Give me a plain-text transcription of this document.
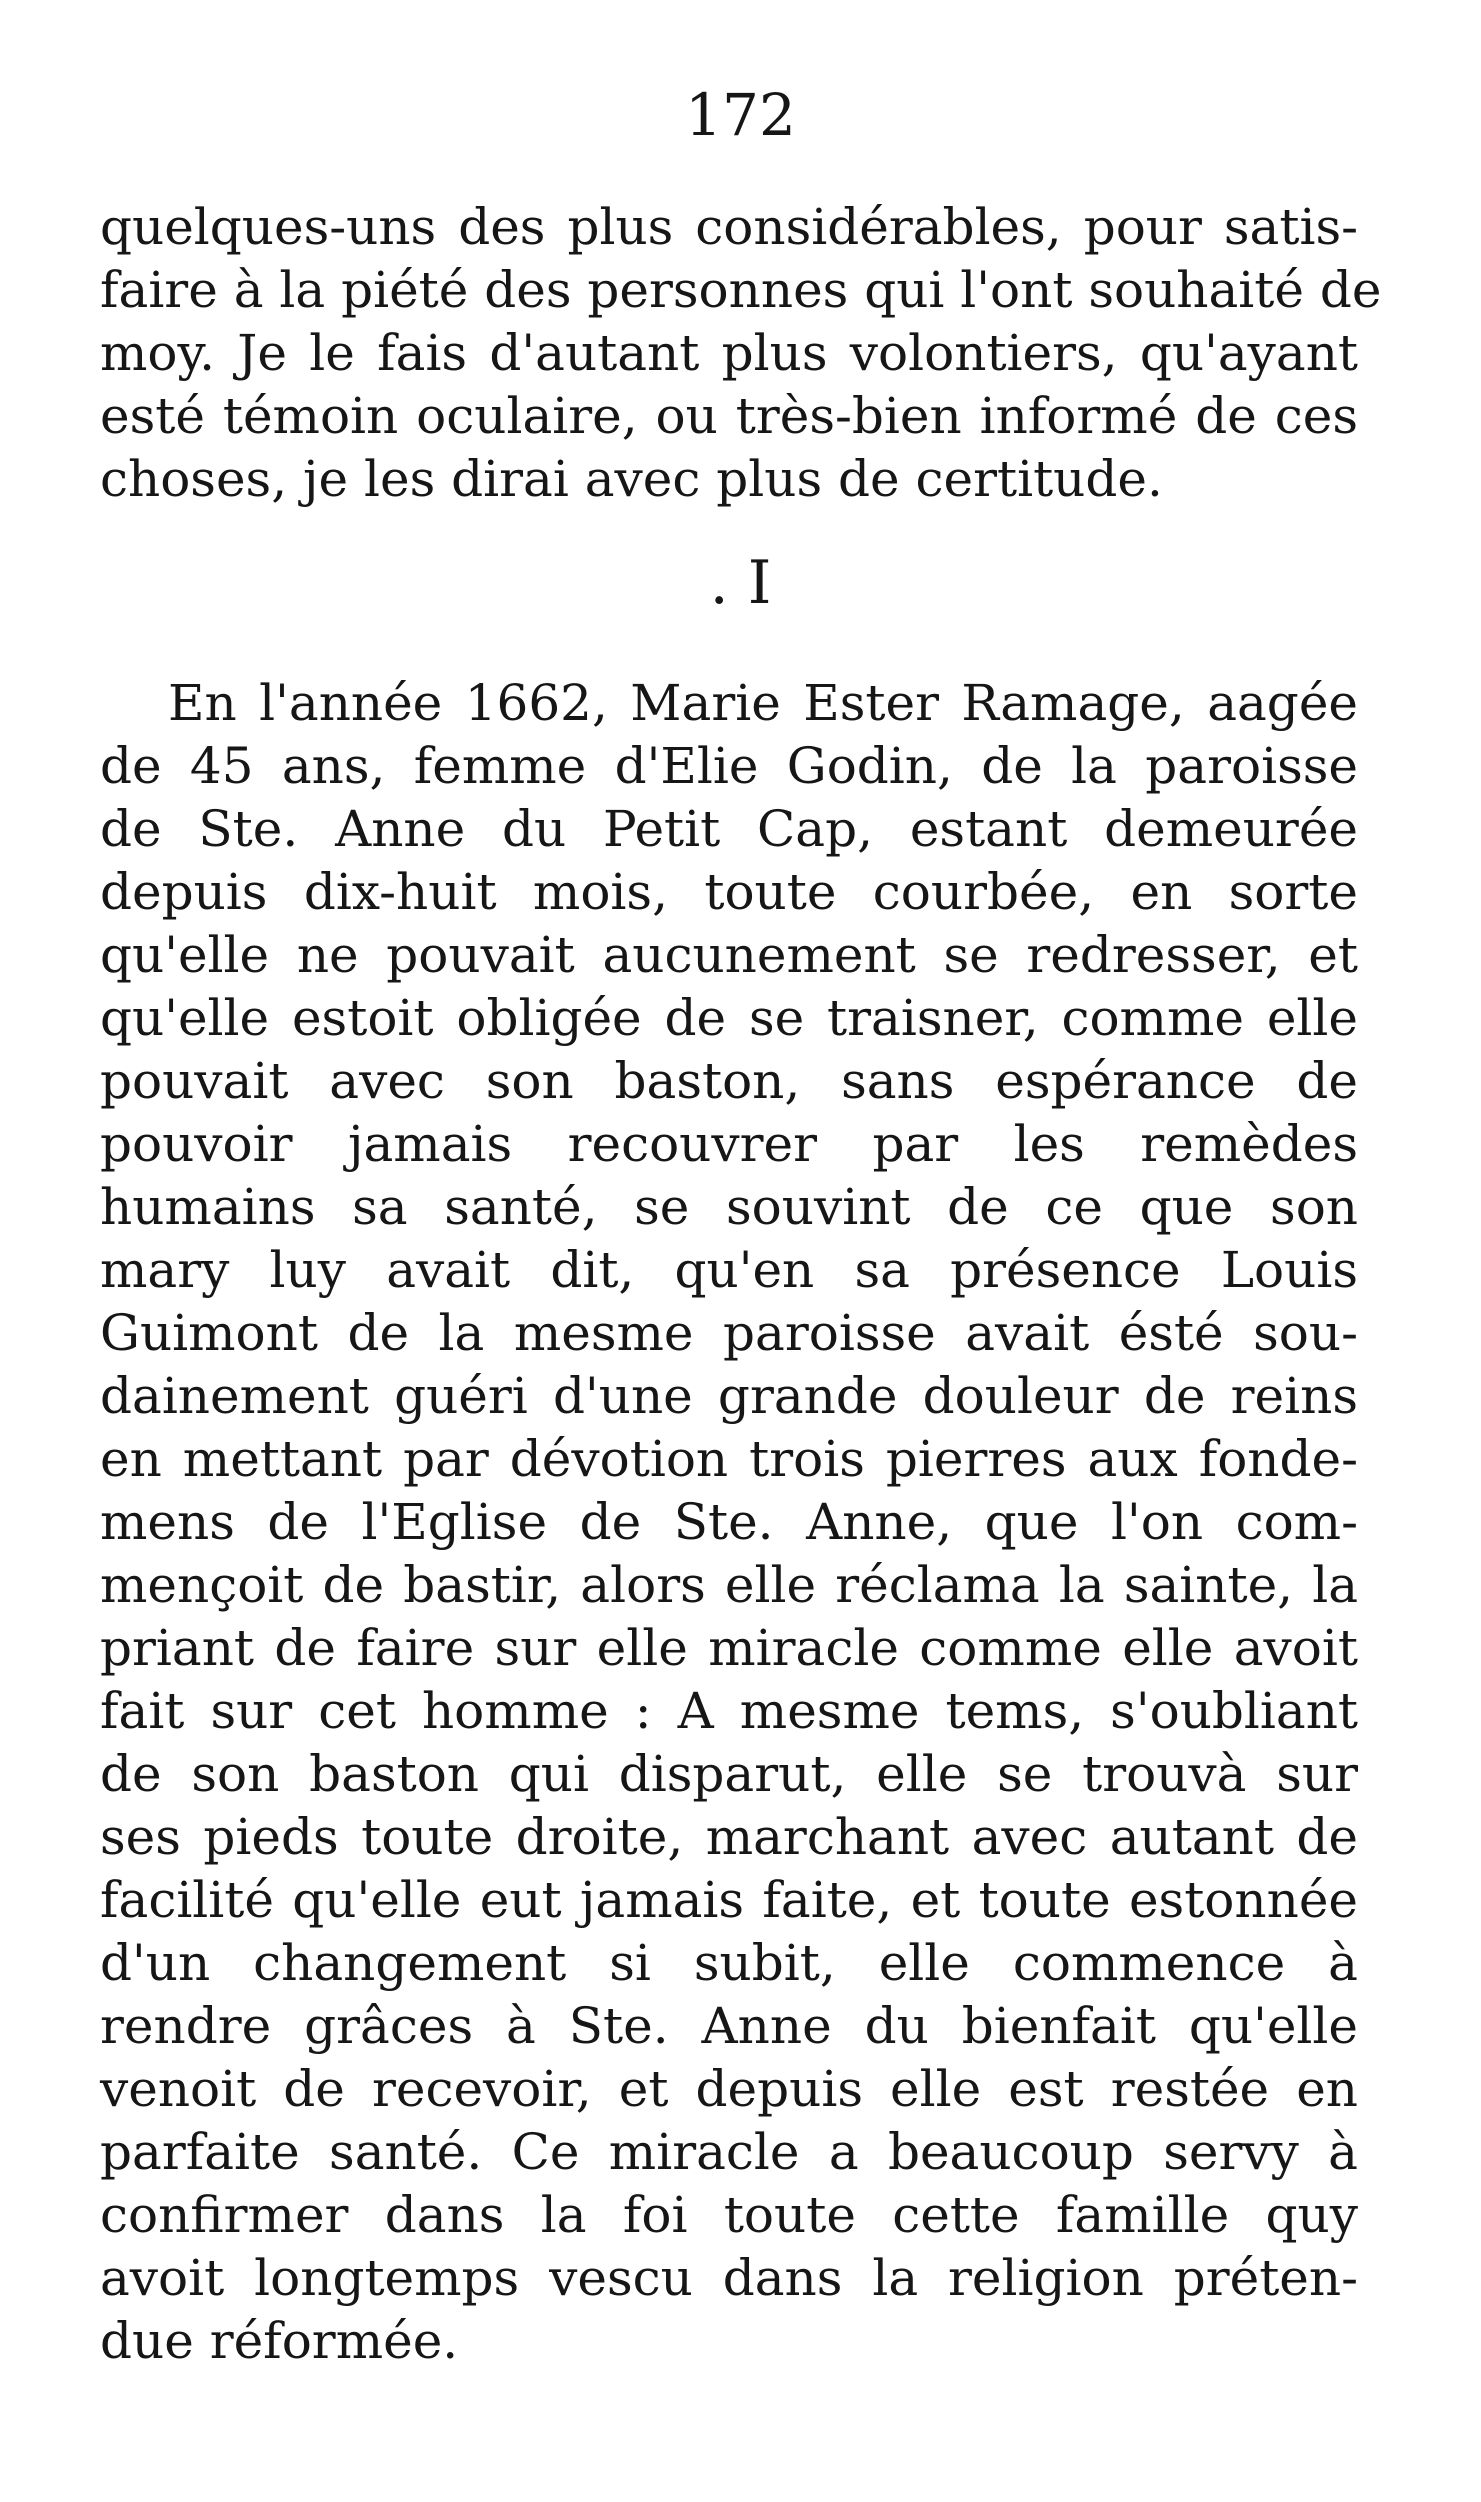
172
quelques-uns des plus considérables, pour satis-
faire à la piété des personnes qui l'ont souhaité de
moy. Je le fais d'autant plus volontiers, qu'ayant
esté témoin oculaire, ou très-bien informé de ces
choses, je les dirai avec plus de certitude.
. I
En l'année 1662, Marie Ester Ramage, aagée
de 45 ans, femme d'Elie Godin, de la paroisse
de Ste. Anne du Petit Cap, estant demeurée
depuis dix-huit mois, toute courbée, en sorte
qu'elle ne pouvait aucunement se redresser, et
qu'elle estoit obligée de se traisner, comme elle
pouvait avec son baston, sans espérance de
pouvoir jamais recouvrer par les remèdes
humains sa santé, se souvint de ce que son
mary luy avait dit, qu'en sa présence Louis
Guimont de la mesme paroisse avait ésté sou-
dainement guéri d'une grande douleur de reins
en mettant par dévotion trois pierres aux fonde-
mens de l'Eglise de Ste. Anne, que l'on com-
mençoit de bastir, alors elle réclama la sainte, la
priant de faire sur elle miracle comme elle avoit
fait sur cet homme : A mesme tems, s'oubliant
de son baston qui disparut, elle se trouvà sur
ses pieds toute droite, marchant avec autant de
facilité qu'elle eut jamais faite, et toute estonnée
d'un changement si subit, elle commence à
rendre grâces à Ste. Anne du bienfait qu'elle
venoit de recevoir, et depuis elle est restée en
parfaite santé. Ce miracle a beaucoup servy à
confirmer dans la foi toute cette famille quy
avoit longtemps vescu dans la religion préten-
due réformée.
